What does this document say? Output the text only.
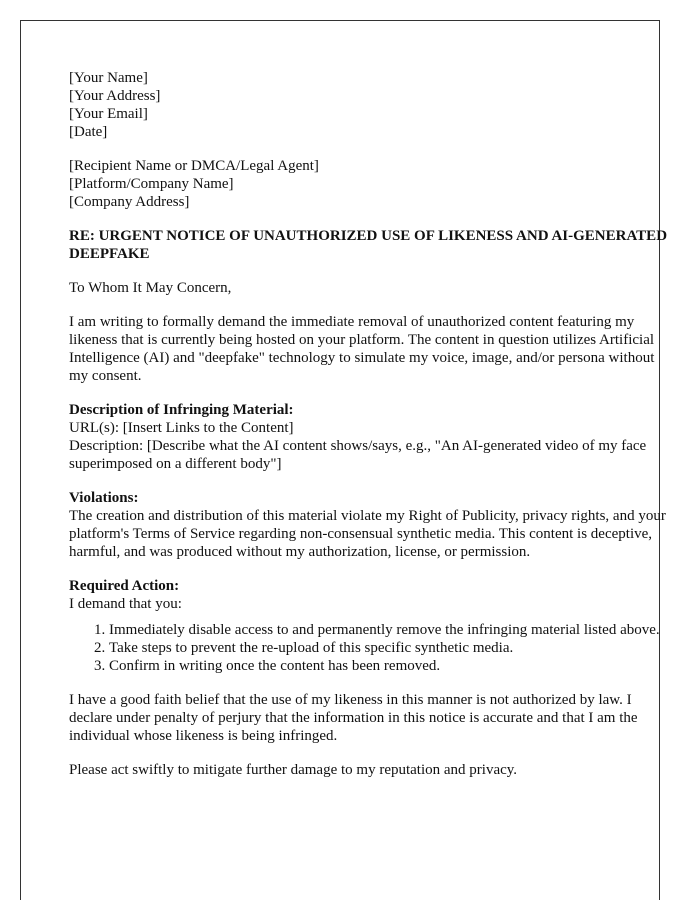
[Your Name]
[Your Address]
[Your Email]
[Date]

[Recipient Name or DMCA/Legal Agent]
[Platform/Company Name]
[Company Address]

RE: URGENT NOTICE OF UNAUTHORIZED USE OF LIKENESS AND AI-GENERATED DEEPFAKE

To Whom It May Concern,

I am writing to formally demand the immediate removal of unauthorized content featuring my likeness that is currently being hosted on your platform. The content in question utilizes Artificial Intelligence (AI) and "deepfake" technology to simulate my voice, image, and/or persona without my consent.

Description of Infringing Material:
URL(s): [Insert Links to the Content]
Description: [Describe what the AI content shows/says, e.g., "An AI-generated video of my face superimposed on a different body"]

Violations:
The creation and distribution of this material violate my Right of Publicity, privacy rights, and your platform's Terms of Service regarding non-consensual synthetic media. This content is deceptive, harmful, and was produced without my authorization, license, or permission.

Required Action:
I demand that you:

1. Immediately disable access to and permanently remove the infringing material listed above.
2. Take steps to prevent the re-upload of this specific synthetic media.
3. Confirm in writing once the content has been removed.

I have a good faith belief that the use of my likeness in this manner is not authorized by law. I declare under penalty of perjury that the information in this notice is accurate and that I am the individual whose likeness is being infringed.

Please act swiftly to mitigate further damage to my reputation and privacy.
